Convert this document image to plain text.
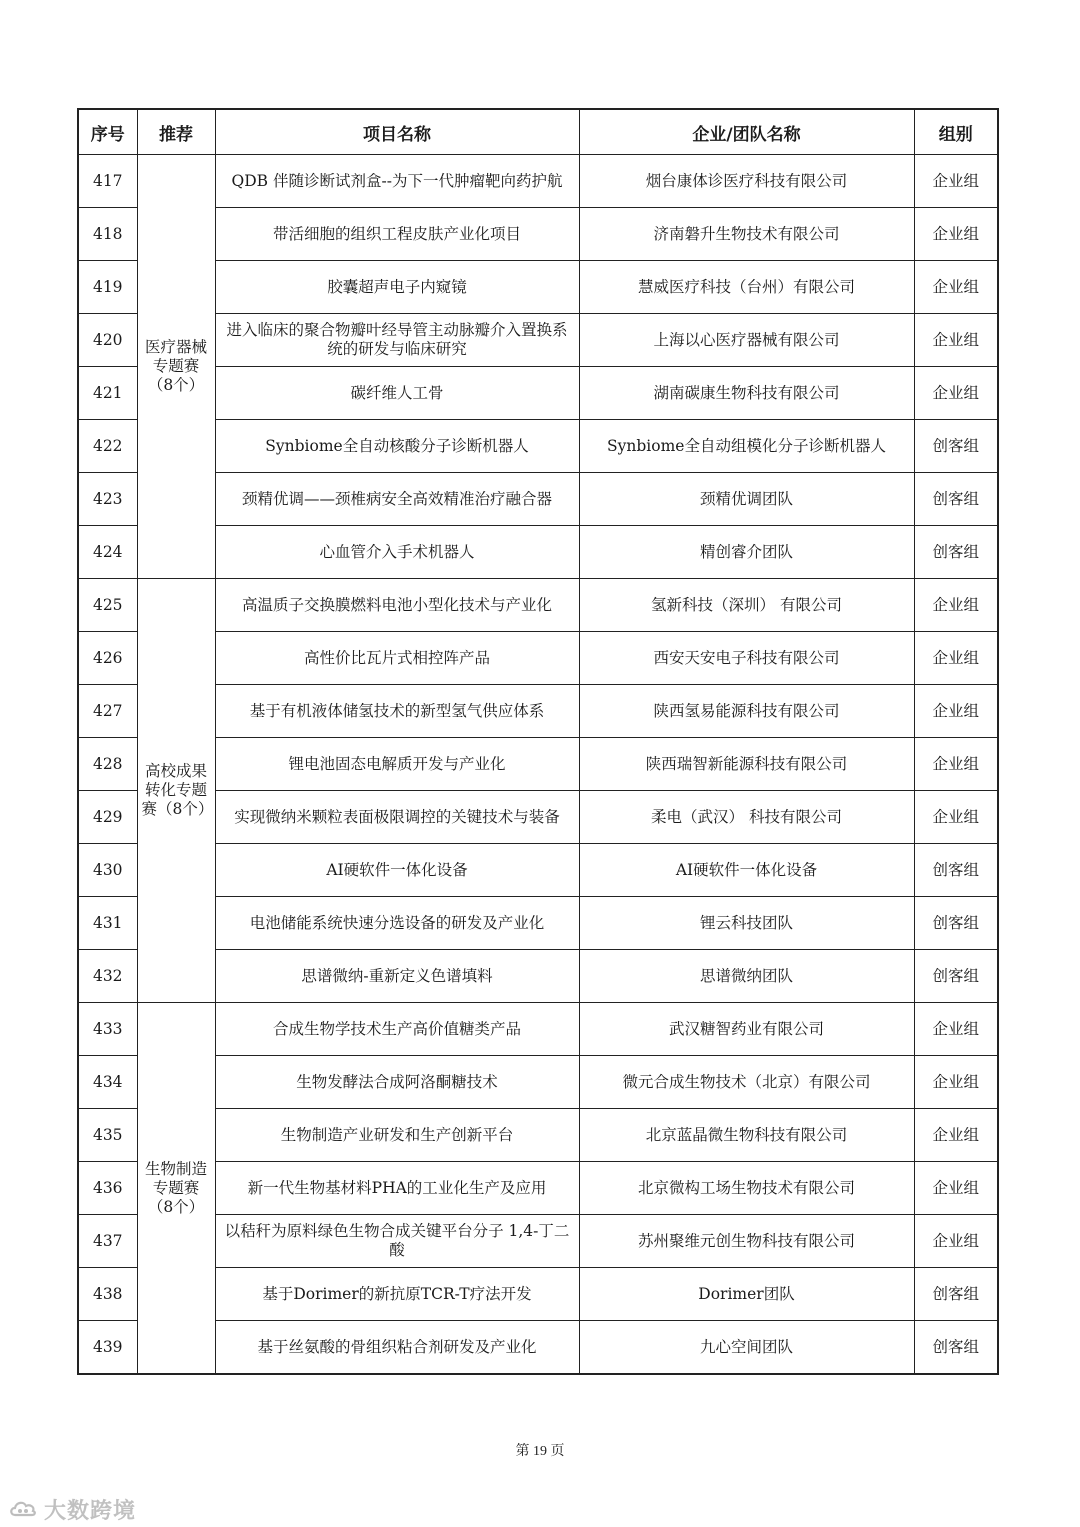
序号	推荐	项目名称	企业/团队名称	组别
417	医疗器械专题赛（8个）	QDB 伴随诊断试剂盒--为下一代肿瘤靶向药护航	烟台康体诊医疗科技有限公司	企业组
418		带活细胞的组织工程皮肤产业化项目	济南磐升生物技术有限公司	企业组
419		胶囊超声电子内窥镜	慧威医疗科技（台州）有限公司	企业组
420		进入临床的聚合物瓣叶经导管主动脉瓣介入置换系统的研发与临床研究	上海以心医疗器械有限公司	企业组
421		碳纤维人工骨	湖南碳康生物科技有限公司	企业组
422		Synbiome全自动核酸分子诊断机器人	Synbiome全自动组模化分子诊断机器人	创客组
423		颈精优调——颈椎病安全高效精准治疗融合器	颈精优调团队	创客组
424		心血管介入手术机器人	精创睿介团队	创客组
425	高校成果转化专题赛（8个）	高温质子交换膜燃料电池小型化技术与产业化	氢新科技（深圳） 有限公司	企业组
426		高性价比瓦片式相控阵产品	西安天安电子科技有限公司	企业组
427		基于有机液体储氢技术的新型氢气供应体系	陕西氢易能源科技有限公司	企业组
428		锂电池固态电解质开发与产业化	陕西瑞智新能源科技有限公司	企业组
429		实现微纳米颗粒表面极限调控的关键技术与装备	柔电（武汉） 科技有限公司	企业组
430		AI硬软件一体化设备	AI硬软件一体化设备	创客组
431		电池储能系统快速分选设备的研发及产业化	锂云科技团队	创客组
432		思谱微纳-重新定义色谱填料	思谱微纳团队	创客组
433	生物制造专题赛（8个）	合成生物学技术生产高价值糖类产品	武汉糖智药业有限公司	企业组
434		生物发酵法合成阿洛酮糖技术	微元合成生物技术（北京）有限公司	企业组
435		生物制造产业研发和生产创新平台	北京蓝晶微生物科技有限公司	企业组
436		新一代生物基材料PHA的工业化生产及应用	北京微构工场生物技术有限公司	企业组
437		以秸秆为原料绿色生物合成关键平台分子 1,4-丁二酸	苏州聚维元创生物科技有限公司	企业组
438		基于Dorimer的新抗原TCR-T疗法开发	Dorimer团队	创客组
439		基于丝氨酸的骨组织粘合剂研发及产业化	九心空间团队	创客组
第 19 页
大数跨境
